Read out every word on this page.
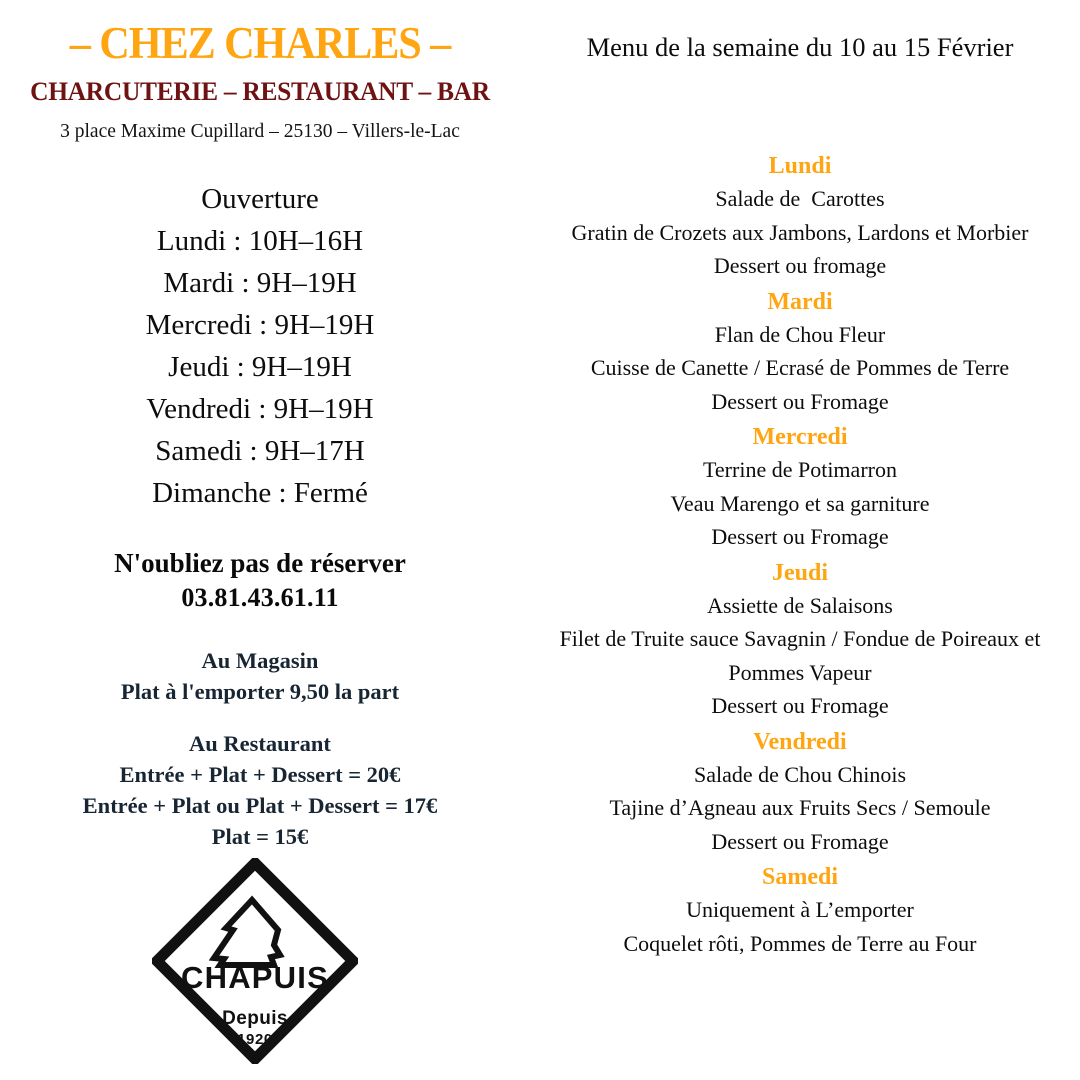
– CHEZ CHARLES –
CHARCUTERIE – RESTAURANT – BAR
3 place Maxime Cupillard – 25130 – Villers-le-Lac
Ouverture
Lundi : 10H–16H
Mardi : 9H–19H
Mercredi : 9H–19H
Jeudi : 9H–19H
Vendredi : 9H–19H
Samedi : 9H–17H
Dimanche : Fermé
N'oubliez pas de réserver
03.81.43.61.11
Au Magasin
Plat à l'emporter 9,50 la part
Au Restaurant
Entrée + Plat + Dessert = 20€
Entrée + Plat ou Plat + Dessert = 17€
Plat = 15€
CHAPUIS
Depuis
1920
Menu de la semaine du 10 au 15 Février
Lundi
Salade de  Carottes
Gratin de Crozets aux Jambons, Lardons et Morbier
Dessert ou fromage
Mardi
Flan de Chou Fleur
Cuisse de Canette / Ecrasé de Pommes de Terre
Dessert ou Fromage
Mercredi
Terrine de Potimarron
Veau Marengo et sa garniture
Dessert ou Fromage
Jeudi
Assiette de Salaisons
Filet de Truite sauce Savagnin / Fondue de Poireaux et Pommes Vapeur
Dessert ou Fromage
Vendredi
Salade de Chou Chinois
Tajine d’Agneau aux Fruits Secs / Semoule
Dessert ou Fromage
Samedi
Uniquement à L’emporter
Coquelet rôti, Pommes de Terre au Four
